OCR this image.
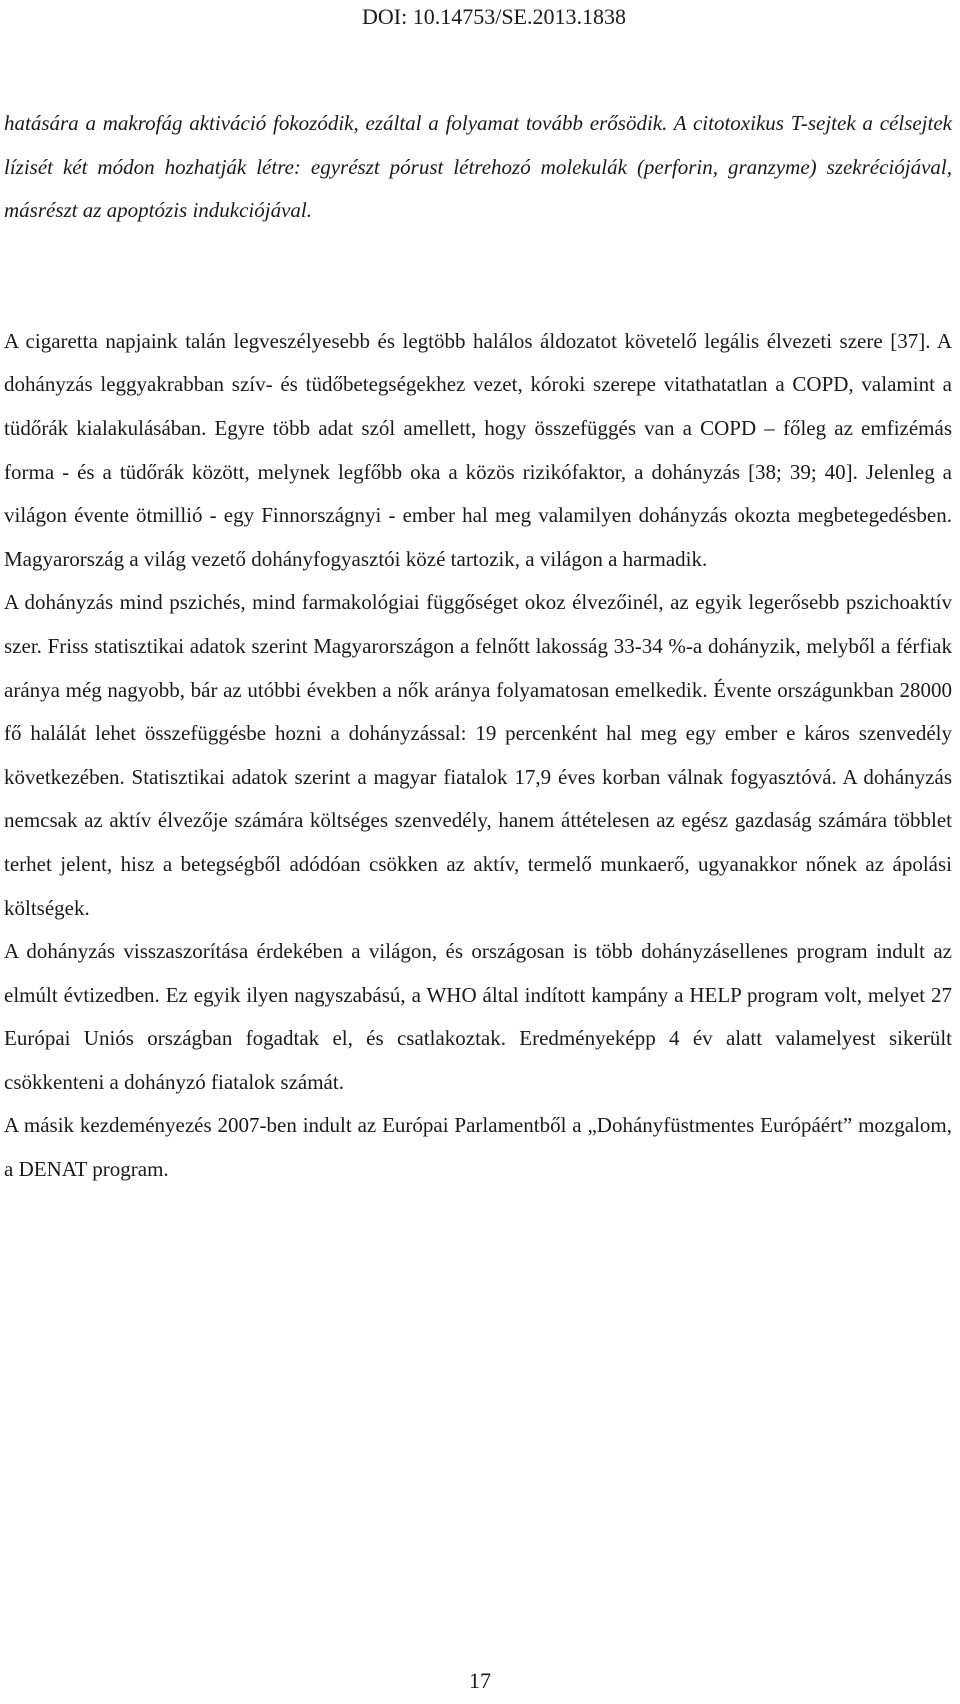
DOI: 10.14753/SE.2013.1838

hatására a makrofág aktiváció fokozódik, ezáltal a folyamat tovább erősödik. A citotoxikus T-sejtek a célsejtek lízisét két módon hozhatják létre: egyrészt pórust létrehozó molekulák (perforin, granzyme) szekréciójával, másrészt az apoptózis indukciójával.

A cigaretta napjaink talán legveszélyesebb és legtöbb halálos áldozatot követelő legális élvezeti szere [37]. A dohányzás leggyakrabban szív- és tüdőbetegségekhez vezet, kóroki szerepe vitathatatlan a COPD, valamint a tüdőrák kialakulásában. Egyre több adat szól amellett, hogy összefüggés van a COPD – főleg az emfizémás forma - és a tüdőrák között, melynek legfőbb oka a közös rizikófaktor, a dohányzás [38; 39; 40]. Jelenleg a világon évente ötmillió - egy Finnországnyi - ember hal meg valamilyen dohányzás okozta megbetegedésben. Magyarország a világ vezető dohányfogyasztói közé tartozik, a világon a harmadik.

A dohányzás mind pszichés, mind farmakológiai függőséget okoz élvezőinél, az egyik legerősebb pszichoaktív szer. Friss statisztikai adatok szerint Magyarországon a felnőtt lakosság 33-34 %-a dohányzik, melyből a férfiak aránya még nagyobb, bár az utóbbi években a nők aránya folyamatosan emelkedik. Évente országunkban 28000 fő halálát lehet összefüggésbe hozni a dohányzással: 19 percenként hal meg egy ember e káros szenvedély következében. Statisztikai adatok szerint a magyar fiatalok 17,9 éves korban válnak fogyasztóvá. A dohányzás nemcsak az aktív élvezője számára költséges szenvedély, hanem áttételesen az egész gazdaság számára többlet terhet jelent, hisz a betegségből adódóan csökken az aktív, termelő munkaerő, ugyanakkor nőnek az ápolási költségek.

A dohányzás visszaszorítása érdekében a világon, és országosan is több dohányzásellenes program indult az elmúlt évtizedben. Ez egyik ilyen nagyszabású, a WHO által indított kampány a HELP program volt, melyet 27 Európai Uniós országban fogadtak el, és csatlakoztak. Eredményeképp 4 év alatt valamelyest sikerült csökkenteni a dohányzó fiatalok számát.

A másik kezdeményezés 2007-ben indult az Európai Parlamentből a „Dohányfüstmentes Európáért” mozgalom, a DENAT program.

17
